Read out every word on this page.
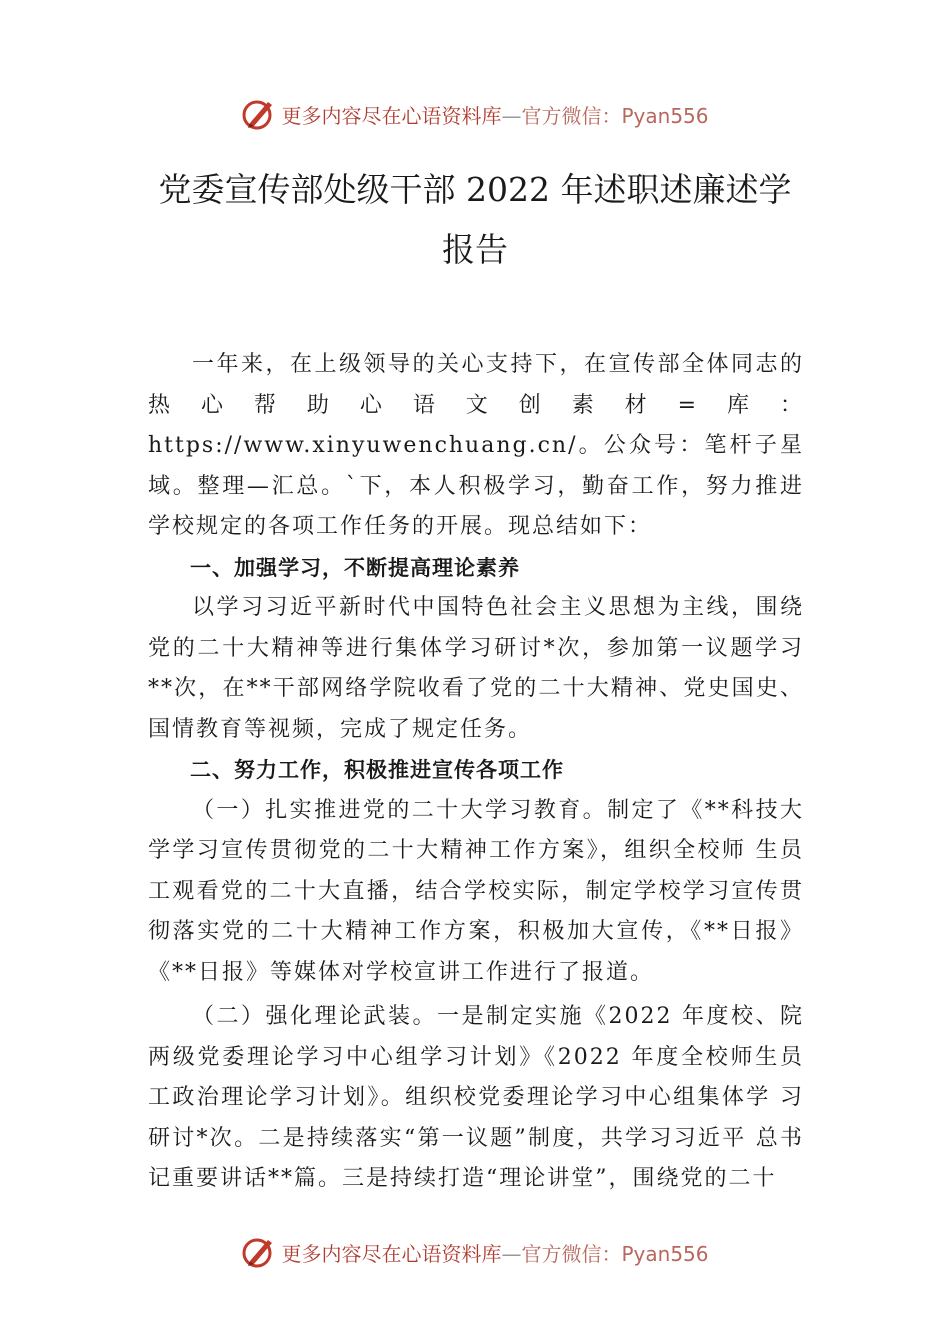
更多内容尽在心语资料库—官方微信：Pyan556
党委宣传部处级干部 2022 年述职述廉述学报告

一年来，在上级领导的关心支持下，在宣传部全体同志的热心帮助心语文创素材=库：https://www.xinyuwenchuang.cn/。公众号：笔杆子星域。整理—汇总。`下，本人积极学习，勤奋工作，努力推进学校规定的各项工作任务的开展。现总结如下：

一、加强学习，不断提高理论素养

以学习习近平新时代中国特色社会主义思想为主线，围绕党的二十大精神等进行集体学习研讨*次，参加第一议题学习**次，在**干部网络学院收看了党的二十大精神、党史国史、国情教育等视频，完成了规定任务。

二、努力工作，积极推进宣传各项工作

（一）扎实推进党的二十大学习教育。制定了《**科技大学学习宣传贯彻党的二十大精神工作方案》，组织全校师 生员工观看党的二十大直播，结合学校实际，制定学校学习宣传贯彻落实党的二十大精神工作方案，积极加大宣传，《**日报》《**日报》等媒体对学校宣讲工作进行了报道。

（二）强化理论武装。一是制定实施《2022 年度校、院两级党委理论学习中心组学习计划》《2022 年度全校师生员工政治理论学习计划》。组织校党委理论学习中心组集体学 习研讨*次。二是持续落实“第一议题”制度，共学习习近平 总书记重要讲话**篇。三是持续打造“理论讲堂”，围绕党的二十

更多内容尽在心语资料库—官方微信：Pyan556
